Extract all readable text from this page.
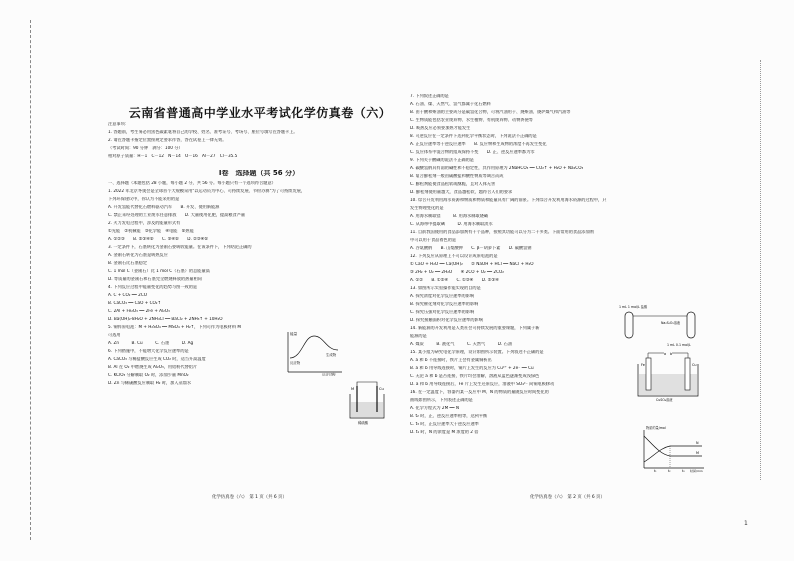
云南省普通高中学业水平考试化学仿真卷（六）
注意事项：
1. 答题前，考生务必用黑色碳素笔将自己的学校、姓名、准考证号、考场号、座位号填写在答题卡上。
2. 请在答题卡指定位置按规定要求作答，答在试卷上一律无效。
（考试时间：90 分钟　满分：100 分）
相对原子质量：H－1　C－12　N－14　O－16　Al－27　Cl－35.5
Ⅰ卷　选择题（共 56 分）
一、选择题（本题包括 28 小题，每小题 2 分，共 56 分。每小题只有一个选项符合题意）
1. 2022 年北京冬奥会是全球首个大规模采用"以运动员为中心、可持续发展、节俭办赛"为了可持续发展，
下列环保建议中，你认为不能采用的是
A. 开发氢能代替化石燃料驱动汽车　　B. 开发、使用新能源
C. 禁止未经处理的工业废水任意排放　　D. 大量使用化肥，提高粮食产量
2. 火力发电过程中，涉及的能量形式有
①光能　②机械能　③化学能　④电能　⑤热能
A. ①②③　　B. ②③④⑤　　C. ③④⑤　　D. ②③④⑤
3. 一定条件下，石墨转化为金刚石要吸收能量。在该条件下，下列结论正确的
A. 金刚石转化为石墨是吸热反应
B. 金刚石比石墨稳定
C. 1 mol C（金刚石）比 1 mol C（石墨）的总能量高
D. 等质量的金刚石和石墨完全燃烧释放的热量相同
4. 下列反应过程中能量变化的趋势与图一致的是
A. C + CO₂ ══ 2CO
B. CaCO₃ ══ CaO + CO₂↑
C. 2Al + Fe₂O₃ ══ 2Fe + Al₂O₃
D. Ba(OH)₂·8H₂O + 2NH₄Cl ══ BaCl₂ + 2NH₃↑ + 10H₂O
5. 铜锌原电池：M + H₂SO₄ ══ MSO₄ + H₂↑，下列可作为电极材料 M
可选用
A. Zn　　　B. Cu　　　C. 石墨　　　D. Ag
6. 下列措施中，不能增大化学反应速率的是
A. CaCO₃ 与稀盐酸反应生成 CO₂ 时，适当升高温度
B. Al 在 O₂ 中燃烧生成 Al₂O₃，用铝粉代替铝片
C. KClO₃ 分解制取 O₂ 时，添加少量 MnO₂
D. Zn 与稀硫酸反应制取 H₂ 时，加入蒸馏水
7. 下列叙述正确的是
A. 石油、煤、天然气、氢气都属于化石燃料
B. 由于酸和柴油的主要成分是碳氢化合物，可将汽油用于、烧柴油、烧炉煤气和汽油等
C. 生物质能包括农业废弃物、水生植物、有机废弃物、动物粪便等
D. 吸热反应必须要加热才能发生
8. 可逆反应在一定条件下达到化学平衡状态时，下列说法不正确的是
A. 正反应速率等于逆反应速率　　B. 反应物和生成物的浓度不再发生变化
C. 反应体系中混合物的组成保持不变　　D. 正、逆反应速率都为零
9. 下列关于酸碱的说法不正确的是
A. 碳酸氢钠具有弱的碱性和不稳定性，其作用原理为 2NaHCO₃ ══ CO₂↑ + H₂O + Na₂CO₃
B. 复合膨松剂一般由碳酸盐和酸性物质等调合而成
C. 膨松剂能使食品松软或酥脆，且对人体无害
D. 膨松剂使用量越大，食品越松软，越符合人们的要求
10. 综合开发利用海水资源和物质和物质和能量具有广阔的前景。下列综合开发利用海水资源的过程中，只
发生物理变化的是
A. 用海水制取镁　　　B. 用海水制取烧碱
C. 从海带中提取碘　　　D. 用海水制取淡水
11. 目前我国使用的食品添加剂有十个品种，按照其功能可以分为二十多类。下面常用的食品添加剂
中可以用于食品着色的是
A. 谷氨酸钠　　B. 山梨酸钾　　C. β－胡萝卜素　　D. 碳酸氢钠
12. 下列反应从原理上不可以设计成原电池的是
① CaO + H₂O ══ Ca(OH)₂　　② NaOH + HCl ══ NaCl + H₂O
③ 2H₂ + O₂ ══ 2H₂O　　④ 2CO + O₂ ══ 2CO₂
A. ①②　　B. ①②④　　C. ①③④　　D. ②③④
13. 如图所示实验操作能实现的目的是
A. 探究浓度对化学反应速率的影响
B. 探究催化剂对化学反应速率的影响
C. 探究压强对化学反应速率的影响
D. 探究接触面积对化学反应速率的影响
14. 新能源的开发利用是人类社会可持续发展的重要课题，下列属于新
能源的是
A. 煤炭　　　B. 液化气　　　C. 天然气　　　D. 石油
15. 某小组为研究电化学原理，设计如图所示装置。下列叙述不正确的是
A. a 和 b 不连接时，铁片上会有金属铜析出
B. a 和 b 用导线连接时，铜片上发生的反应为 Cu²⁺ + 2e⁻ ══ Cu
C. 无论 a 和 b 是否连接，铁片均会溶解，溶液从蓝色逐渐变成浅绿色
D. a 和 b 用导线连接后，Fe 片上发生还原反应，溶液中 SO₄²⁻ 向铜电极移动
16. 在一定温度下，容器内某一反应中 M、N 的物质的量随反应时间变化的
曲线如图所示，下列表述正确的是
A. 化学方程式为 2M ══ N
B. t₂ 时，正、逆反应速率相等，达到平衡
C. t₃ 时，正反应速率大于逆反应速率
D. t₁ 时，N 的浓度是 M 浓度的 2 倍
能量
反应物
生成物
反应过程
M	Cu
稀硫酸
1 mL 1 mol/L 盐酸
Na₂S₂O₃溶液
1 mL 0.1 mol/L
a b
Fe	Cu
CuSO₄溶液
物质的量/mol
M
N
t₁	t₂	t₃ 时间/min
化学仿真卷（六）　第 1 页（共 6 页）	化学仿真卷（六）　第 2 页（共 6 页）
1
